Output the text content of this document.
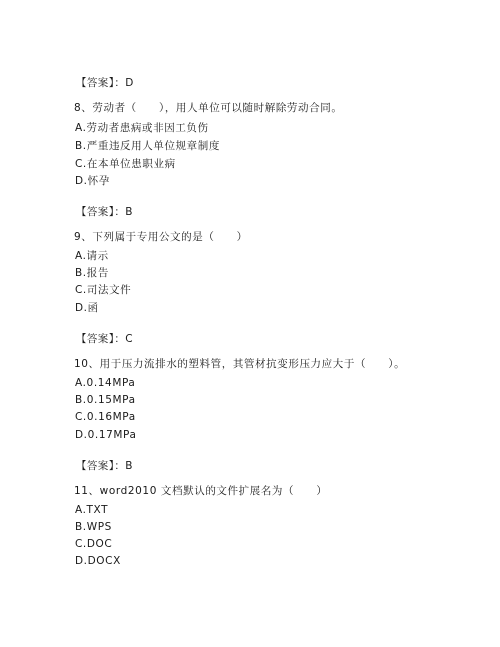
【答案】：D
8、劳动者（　　），用人单位可以随时解除劳动合同。
A.劳动者患病或非因工负伤
B.严重违反用人单位规章制度
C.在本单位患职业病
D.怀孕
【答案】：B
9、下列属于专用公文的是（　　）
A.请示
B.报告
C.司法文件
D.函
【答案】：C
10、用于压力流排水的塑料管，其管材抗变形压力应大于（　　）。
A.0.14MPa
B.0.15MPa
C.0.16MPa
D.0.17MPa
【答案】：B
11、word2010 文档默认的文件扩展名为（　　）
A.TXT
B.WPS
C.DOC
D.DOCX
